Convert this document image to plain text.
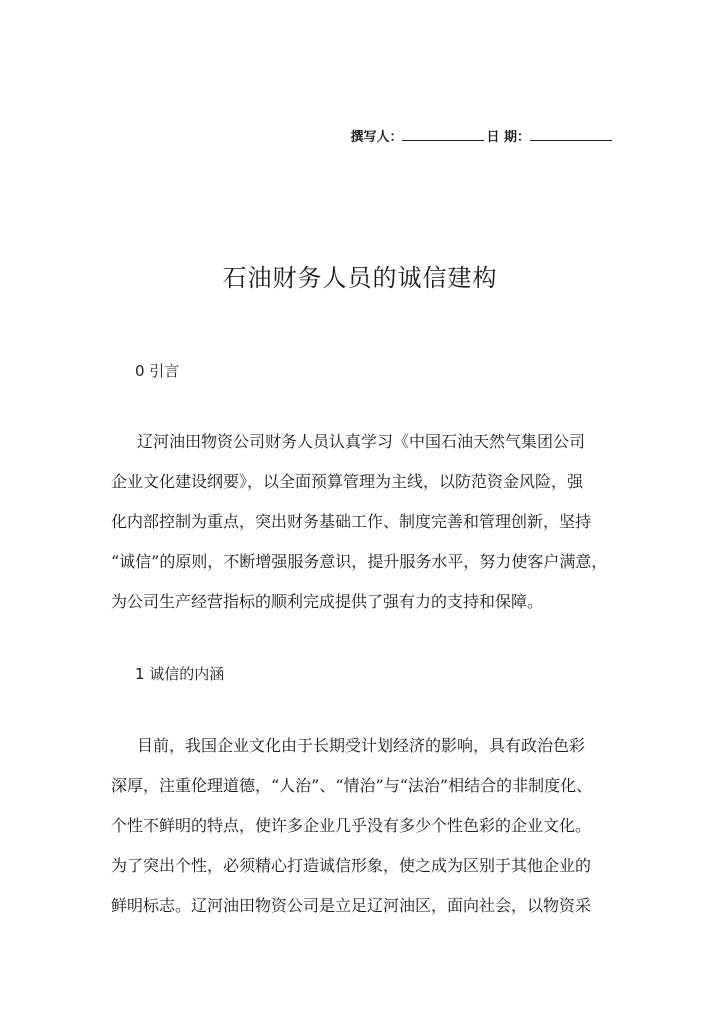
撰写人：	日 期：
石油财务人员的诚信建构
0 引言
辽河油田物资公司财务人员认真学习《中国石油天然气集团公司
企业文化建设纲要》，以全面预算管理为主线，以防范资金风险，强
化内部控制为重点，突出财务基础工作、制度完善和管理创新，坚持
“诚信”的原则，不断增强服务意识，提升服务水平，努力使客户满意，
为公司生产经营指标的顺利完成提供了强有力的支持和保障。
1 诚信的内涵
目前，我国企业文化由于长期受计划经济的影响，具有政治色彩
深厚，注重伦理道德，“人治”、“情治”与“法治”相结合的非制度化、
个性不鲜明的特点，使许多企业几乎没有多少个性色彩的企业文化。
为了突出个性，必须精心打造诚信形象，使之成为区别于其他企业的
鲜明标志。辽河油田物资公司是立足辽河油区，面向社会，以物资采
